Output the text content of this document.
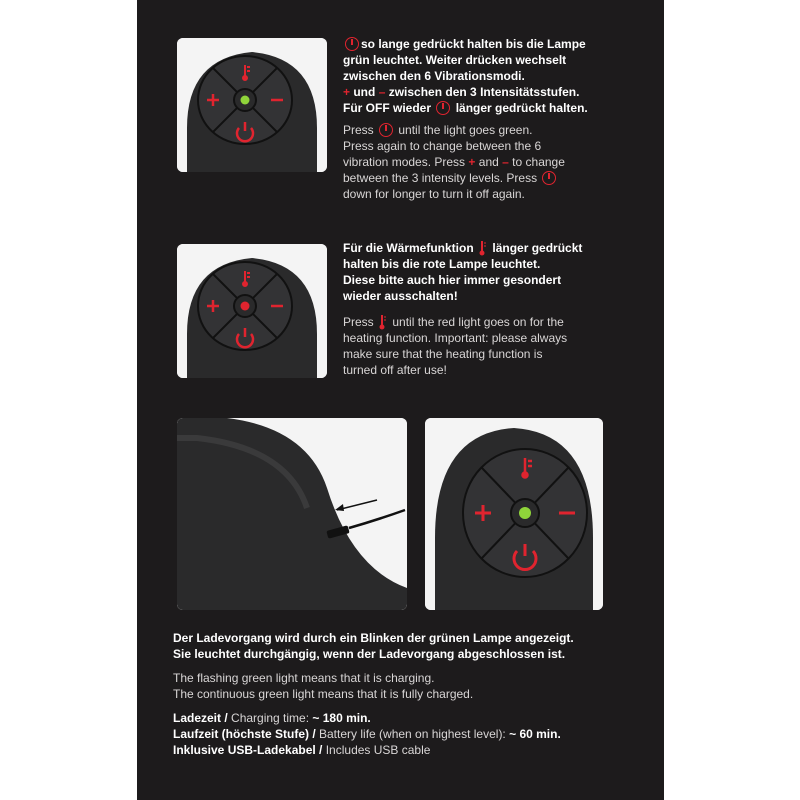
so lange gedrückt halten bis die Lampe
grün leuchtet. Weiter drücken wechselt
zwischen den 6 Vibrationsmodi.
+ und – zwischen den 3 Intensitätsstufen.
Für OFF wieder länger gedrückt halten.
Press until the light goes green.
Press again to change between the 6
vibration modes. Press + and – to change
between the 3 intensity levels. Press
down for longer to turn it off again.
Für die Wärmefunktion länger gedrückt
halten bis die rote Lampe leuchtet.
Diese bitte auch hier immer gesondert
wieder ausschalten!
Press until the red light goes on for the
heating function. Important: please always
make sure that the heating function is
turned off after use!

Der Ladevorgang wird durch ein Blinken der grünen Lampe angezeigt.

Sie leuchtet durchgängig, wenn der Ladevorgang abgeschlossen ist.

The flashing green light means that it is charging.

The continuous green light means that it is fully charged.

Ladezeit / Charging time: ~ 180 min.

Laufzeit (höchste Stufe) / Battery life (when on highest level): ~ 60 min.

Inklusive USB-Ladekabel / Includes USB cable
